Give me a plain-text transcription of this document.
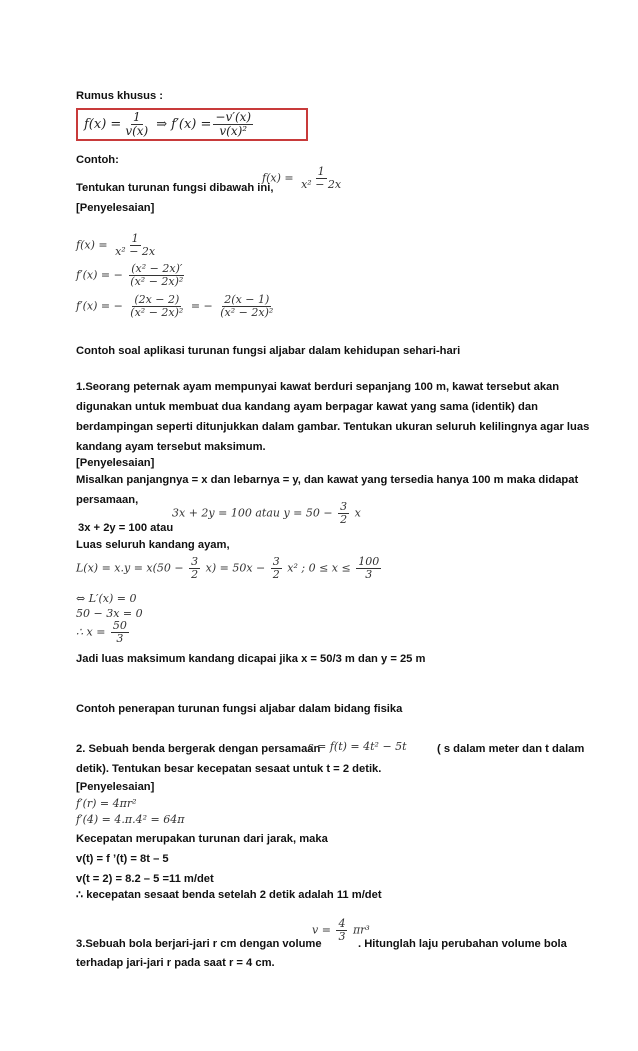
Rumus khusus :
$f(x) = \frac{1}{v(x)}$ ⇒ $f'(x) = \frac{-v'(x)}{\text{v(x)²}}$
Contoh:
Tentukan turunan fungsi dibawah ini,
$f(x) = \frac{1}{\text{x² − 2x}}$
[Penyelesaian]
$f(x) = \frac{1}{\text{x² − 2x}}$
f′(x) = − $\frac{\text{(x² − 2x)′}}{\text{(x² − 2x)²}}$
f′(x) = − $\frac{(2x - 2)}{\text{(x² − 2x)²}}$ = − $\frac{2(x - 1)}{\text{(x² − 2x)²}}$
Contoh soal aplikasi turunan fungsi aljabar dalam kehidupan sehari-hari
1.Seorang peternak ayam mempunyai kawat berduri sepanjang 100 m, kawat tersebut akan
digunakan untuk membuat dua kandang ayam berpagar kawat yang sama (identik) dan
berdampingan seperti ditunjukkan dalam gambar. Tentukan ukuran seluruh kelilingnya agar luas
kandang ayam tersebut maksimum.
[Penyelesaian]
Misalkan panjangnya = x dan lebarnya = y, dan kawat yang tersedia hanya 100 m maka didapat
persamaan,
3x + 2y = 100 atau
3x + 2y = 100 atau $y = 50 - \frac{3}{2}$ x
Luas seluruh kandang ayam,
$L(x) = x.y = x(50 - \frac{3}{2} x) = 50x - \frac{3}{2} x^2$ ; $0 \le x \le \frac{100}{3}$
⇔ L′(x) = 0
50 − 3x = 0
∴ $x = \frac{50}{3}$
Jadi luas maksimum kandang dicapai jika x = 50/3 m dan y = 25 m
Contoh penerapan turunan fungsi aljabar dalam bidang fisika
2. Sebuah benda bergerak dengan persamaan
s = f(t) = 4t² − 5t	( s dalam meter dan t dalam
detik). Tentukan besar kecepatan sesaat untuk t = 2 detik.
[Penyelesaian]
f′(r) = 4πr²
f′(4) = 4.π.4² = 64π
Kecepatan merupakan turunan dari jarak, maka
v(t) = f ’(t) = 8t – 5
v(t = 2) = 8.2 – 5 =11 m/det
∴ kecepatan sesaat benda setelah 2 detik adalah 11 m/det
3.Sebuah bola berjari-jari r cm dengan volume
$v = \frac{4}{3} \pi r^3$
. Hitunglah laju perubahan volume bola
terhadap jari-jari r pada saat r = 4 cm.
